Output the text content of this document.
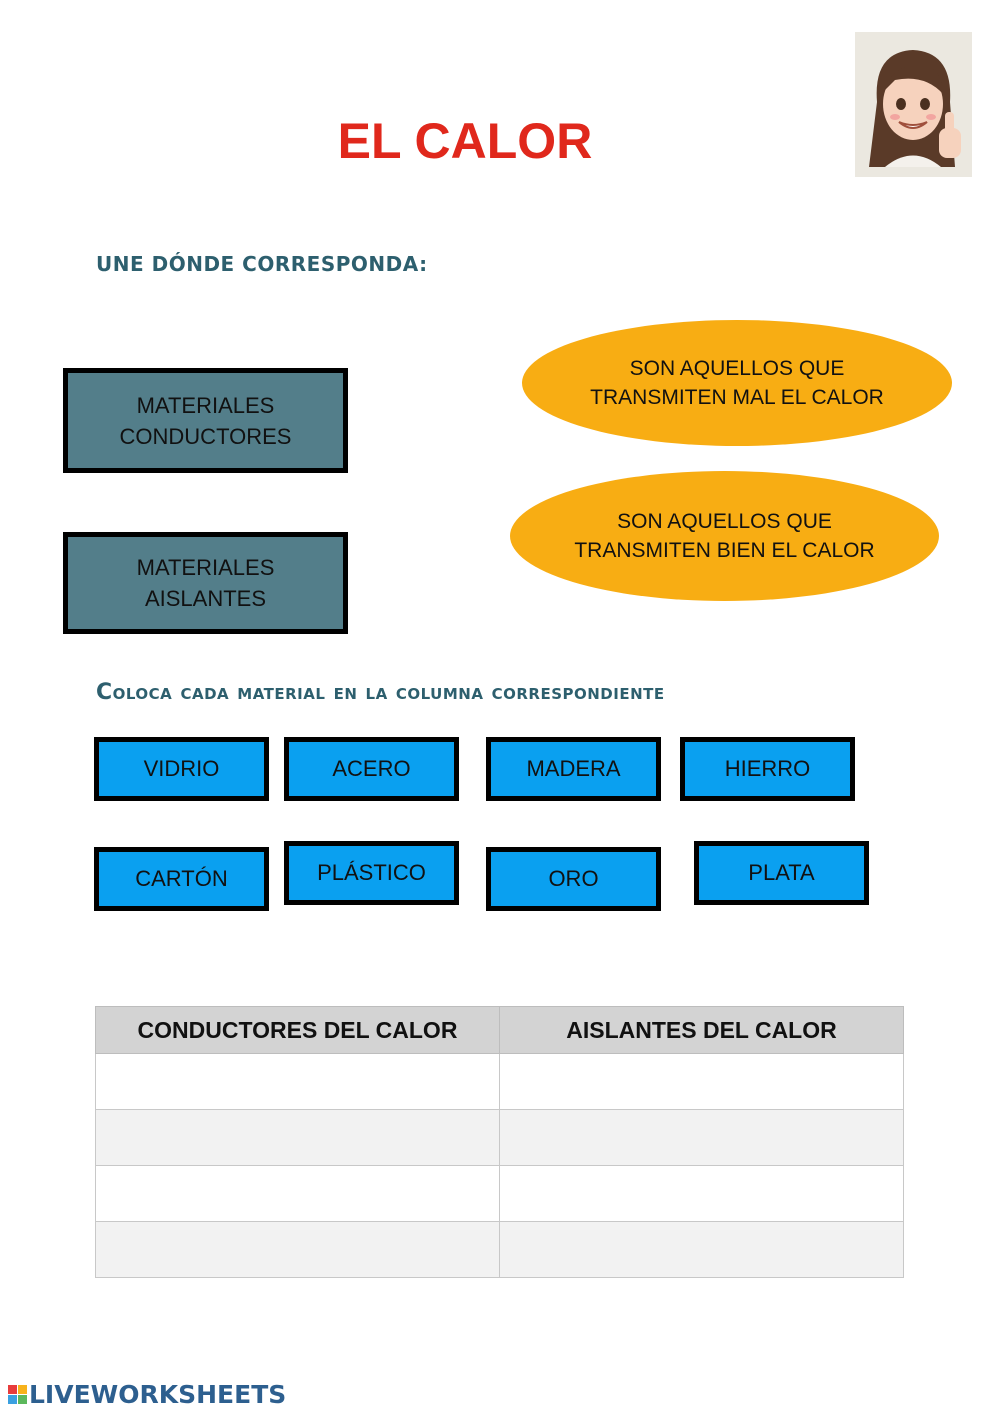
EL CALOR
UNE DÓNDE CORRESPONDA:
MATERIALES
CONDUCTORES
MATERIALES
AISLANTES
SON AQUELLOS QUE
TRANSMITEN MAL EL CALOR
SON AQUELLOS QUE
TRANSMITEN BIEN EL CALOR
Coloca cada material en la columna correspondiente
VIDRIO	ACERO	MADERA	HIERRO
CARTÓN	PLÁSTICO	ORO	PLATA
CONDUCTORES DEL CALOR	AISLANTES DEL CALOR

LIVEWORKSHEETS
